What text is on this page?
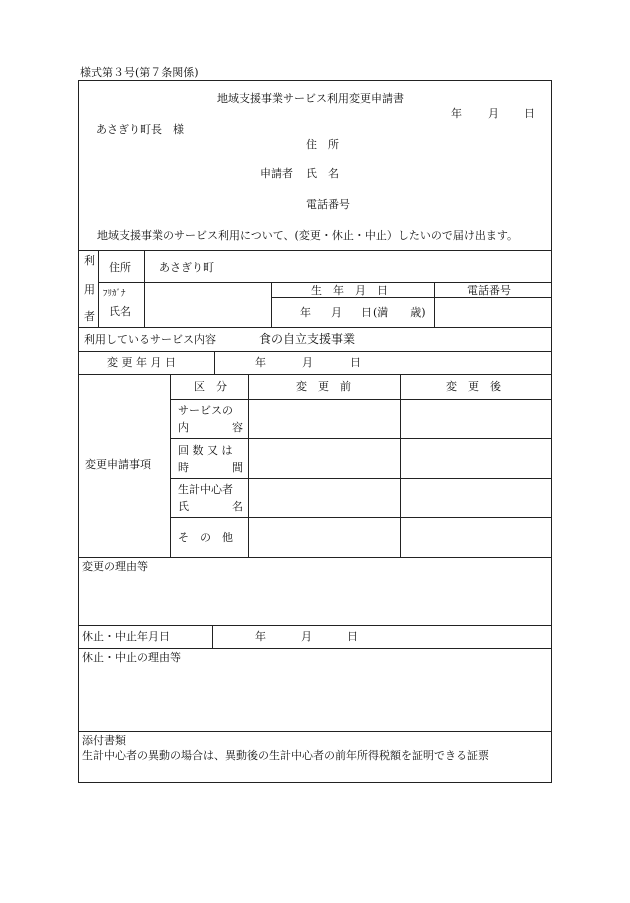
様式第３号(第７条関係)
地域支援事業サービス利用変更申請書
年 月 日
あさぎり町長　様
住　所
申請者 氏　名
電話番号
地域支援事業のサービス利用について、(変更・休止・中止）したいので届け出ます。
利
用
者
住所	あさぎり町
ﾌﾘｶﾞﾅ
氏名
生　年　月　日	電話番号
年 月 日 (満　　歳)
利用しているサービス内容	食の自立支援事業
変 更 年 月 日	年	月	日
変更申請事項
区　分	変　更　前	変　更　後
サービスの
内	容
回 数 又 は
時	間
生計中心者
氏	名
そ　の　他
変更の理由等
休止・中止年月日	年	月	日
休止・中止の理由等
添付書類
生計中心者の異動の場合は、異動後の生計中心者の前年所得税額を証明できる証票
